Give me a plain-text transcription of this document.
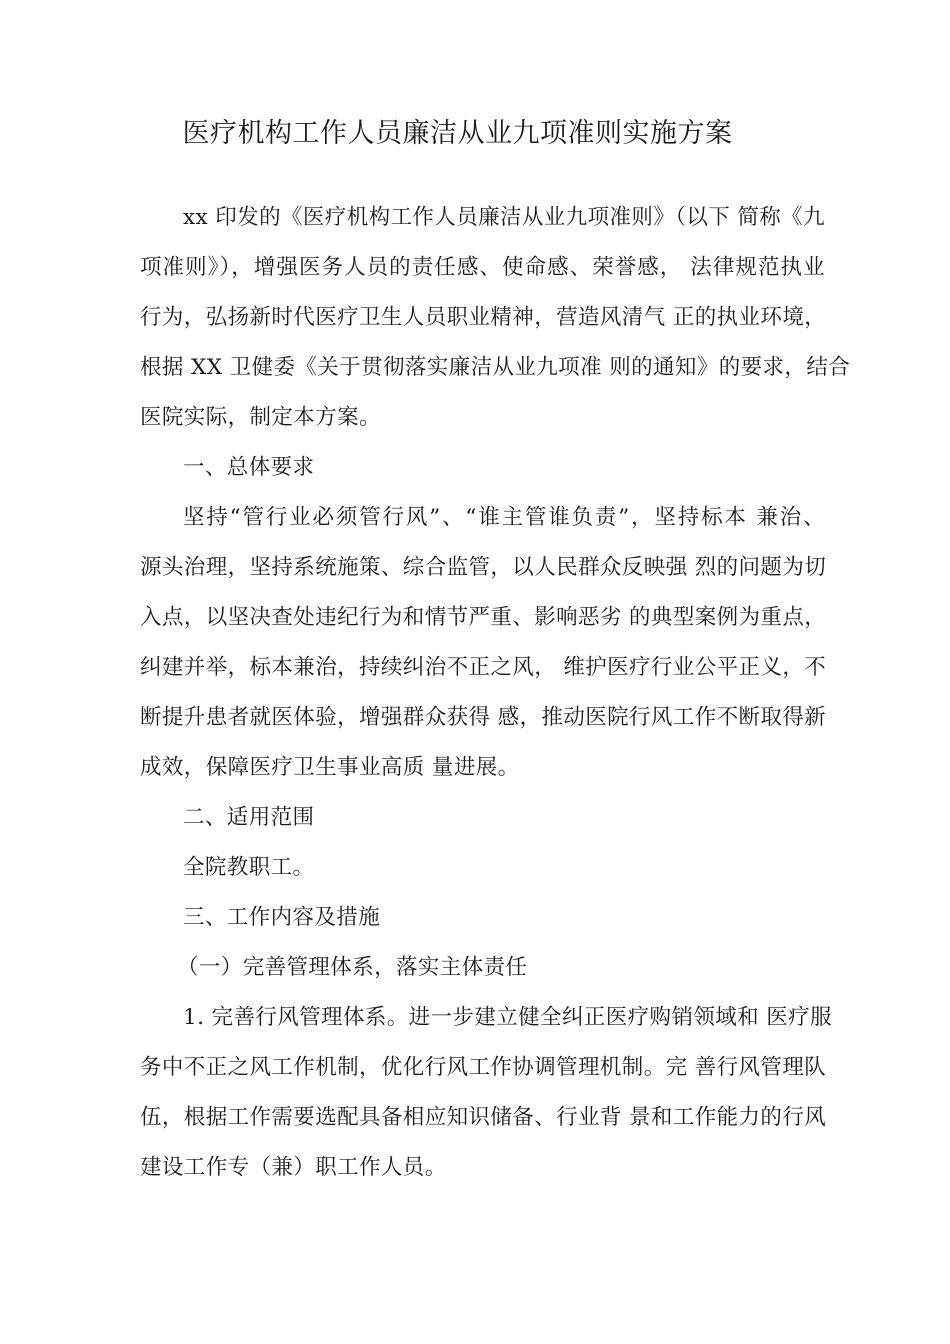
医疗机构工作人员廉洁从业九项准则实施方案
xx 印发的《医疗机构工作人员廉洁从业九项准则》（以下 简称《九
项准则》），增强医务人员的责任感、使命感、荣誉感， 法律规范执业
行为，弘扬新时代医疗卫生人员职业精神，营造风清气 正的执业环境，
根据 XX 卫健委《关于贯彻落实廉洁从业九项准 则的通知》的要求，结合
医院实际，制定本方案。
一、总体要求
坚持“管行业必须管行风”、“谁主管谁负责”，坚持标本 兼治、
源头治理，坚持系统施策、综合监管，以人民群众反映强 烈的问题为切
入点，以坚决查处违纪行为和情节严重、影响恶劣 的典型案例为重点，
纠建并举，标本兼治，持续纠治不正之风， 维护医疗行业公平正义，不
断提升患者就医体验，增强群众获得 感，推动医院行风工作不断取得新
成效，保障医疗卫生事业高质 量进展。
二、适用范围
全院教职工。
三、工作内容及措施
（一）完善管理体系，落实主体责任
1. 完善行风管理体系。进一步建立健全纠正医疗购销领域和 医疗服
务中不正之风工作机制，优化行风工作协调管理机制。完 善行风管理队
伍，根据工作需要选配具备相应知识储备、行业背 景和工作能力的行风
建设工作专（兼）职工作人员。
